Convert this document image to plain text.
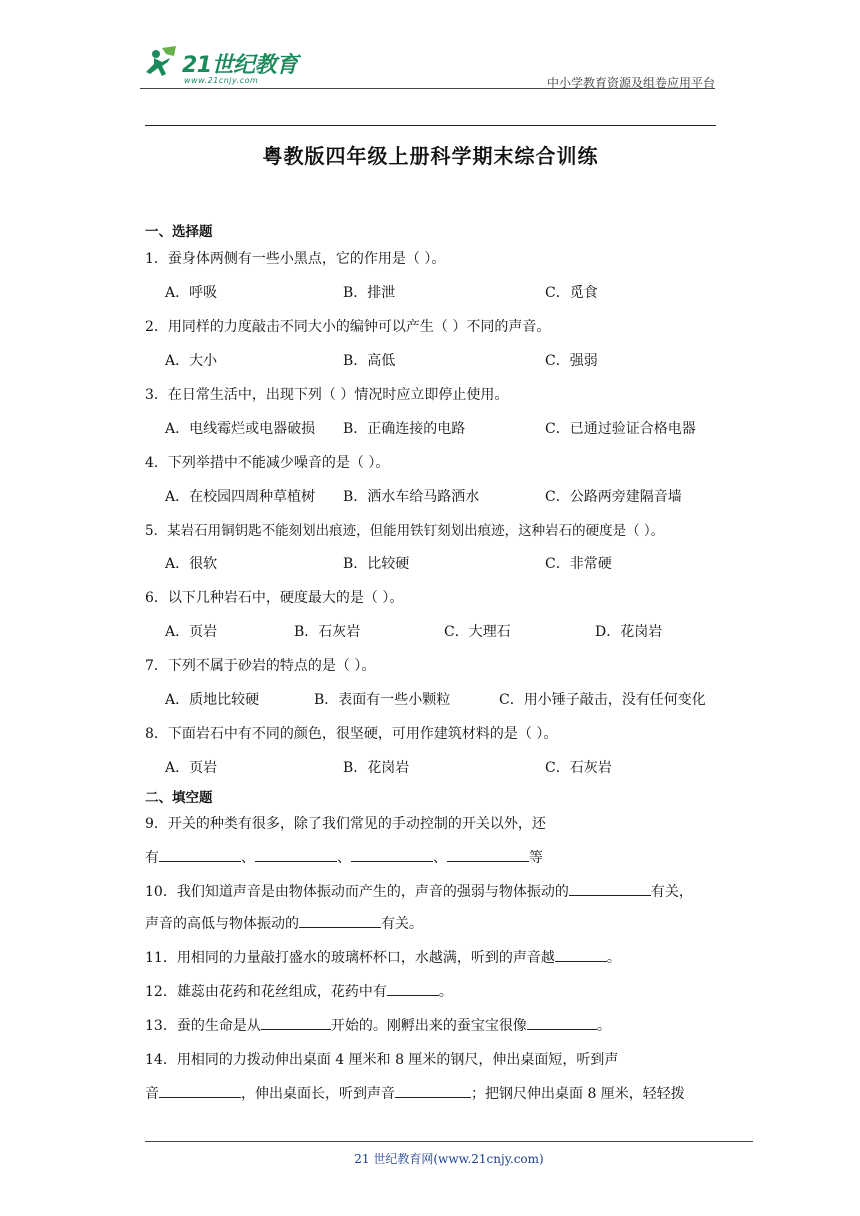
21世纪教育
www.21cnjy.com	中小学教育资源及组卷应用平台
粤教版四年级上册科学期末综合训练
一、选择题
1．蚕身体两侧有一些小黑点，它的作用是（ ）。
A．呼吸	B．排泄	C．觅食
2．用同样的力度敲击不同大小的编钟可以产生（ ）不同的声音。
A．大小	B．高低	C．强弱
3．在日常生活中，出现下列（ ）情况时应立即停止使用。
A．电线霉烂或电器破损 B．正确连接的电路	C．已通过验证合格电器
4．下列举措中不能减少噪音的是（ ）。
A．在校园四周种草植树 B．洒水车给马路洒水	C．公路两旁建隔音墙
5．某岩石用铜钥匙不能刻划出痕迹，但能用铁钉刻划出痕迹，这种岩石的硬度是（ ）。
A．很软	B．比较硬	C．非常硬
6．以下几种岩石中，硬度最大的是（ ）。
A．页岩	B．石灰岩	C．大理石	D．花岗岩
7．下列不属于砂岩的特点的是（ ）。
A．质地比较硬	B．表面有一些小颗粒	C．用小锤子敲击，没有任何变化
8．下面岩石中有不同的颜色，很坚硬，可用作建筑材料的是（ ）。
A．页岩	B．花岗岩	C．石灰岩
二、填空题
9．开关的种类有很多，除了我们常见的手动控制的开关以外，还
有	、	、	、	等
10．我们知道声音是由物体振动而产生的，声音的强弱与物体振动的	有关，
声音的高低与物体振动的	有关。
11．用相同的力量敲打盛水的玻璃杯杯口，水越满，听到的声音越	。
12．雄蕊由花药和花丝组成，花药中有	。
13．蚕的生命是从	开始的。刚孵出来的蚕宝宝很像	。
14．用相同的力拨动伸出桌面 4 厘米和 8 厘米的钢尺，伸出桌面短，听到声
音	，伸出桌面长，听到声音	；把钢尺伸出桌面 8 厘米，轻轻拨
21 世纪教育网(www.21cnjy.com)
